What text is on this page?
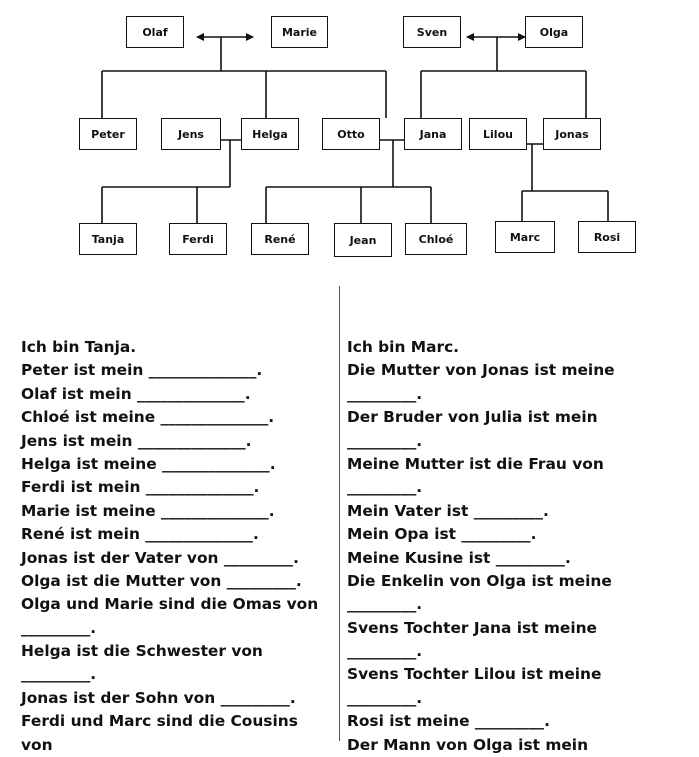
Olaf	Marie	Sven	Olga
Peter	Jens	Helga	Otto	Jana	Lilou	Jonas
Tanja	Ferdi	René	Jean	Chloé	Marc	Rosi
Ich bin Tanja.
Peter ist mein ______________.
Olaf ist mein ______________.
Chloé ist meine ______________.
Jens ist mein ______________.
Helga ist meine ______________.
Ferdi ist mein ______________.
Marie ist meine ______________.
René ist mein ______________.
Jonas ist der Vater von _________.
Olga ist die Mutter von _________.
Olga und Marie sind die Omas von
_________.
Helga ist die Schwester von
_________.
Jonas ist der Sohn von _________.
Ferdi und Marc sind die Cousins
von
Ich bin Marc.
Die Mutter von Jonas ist meine
_________.
Der Bruder von Julia ist mein
_________.
Meine Mutter ist die Frau von
_________.
Mein Vater ist _________.
Mein Opa ist _________.
Meine Kusine ist _________.
Die Enkelin von Olga ist meine
_________.
Svens Tochter Jana ist meine
_________.
Svens Tochter Lilou ist meine
_________.
Rosi ist meine _________.
Der Mann von Olga ist mein
